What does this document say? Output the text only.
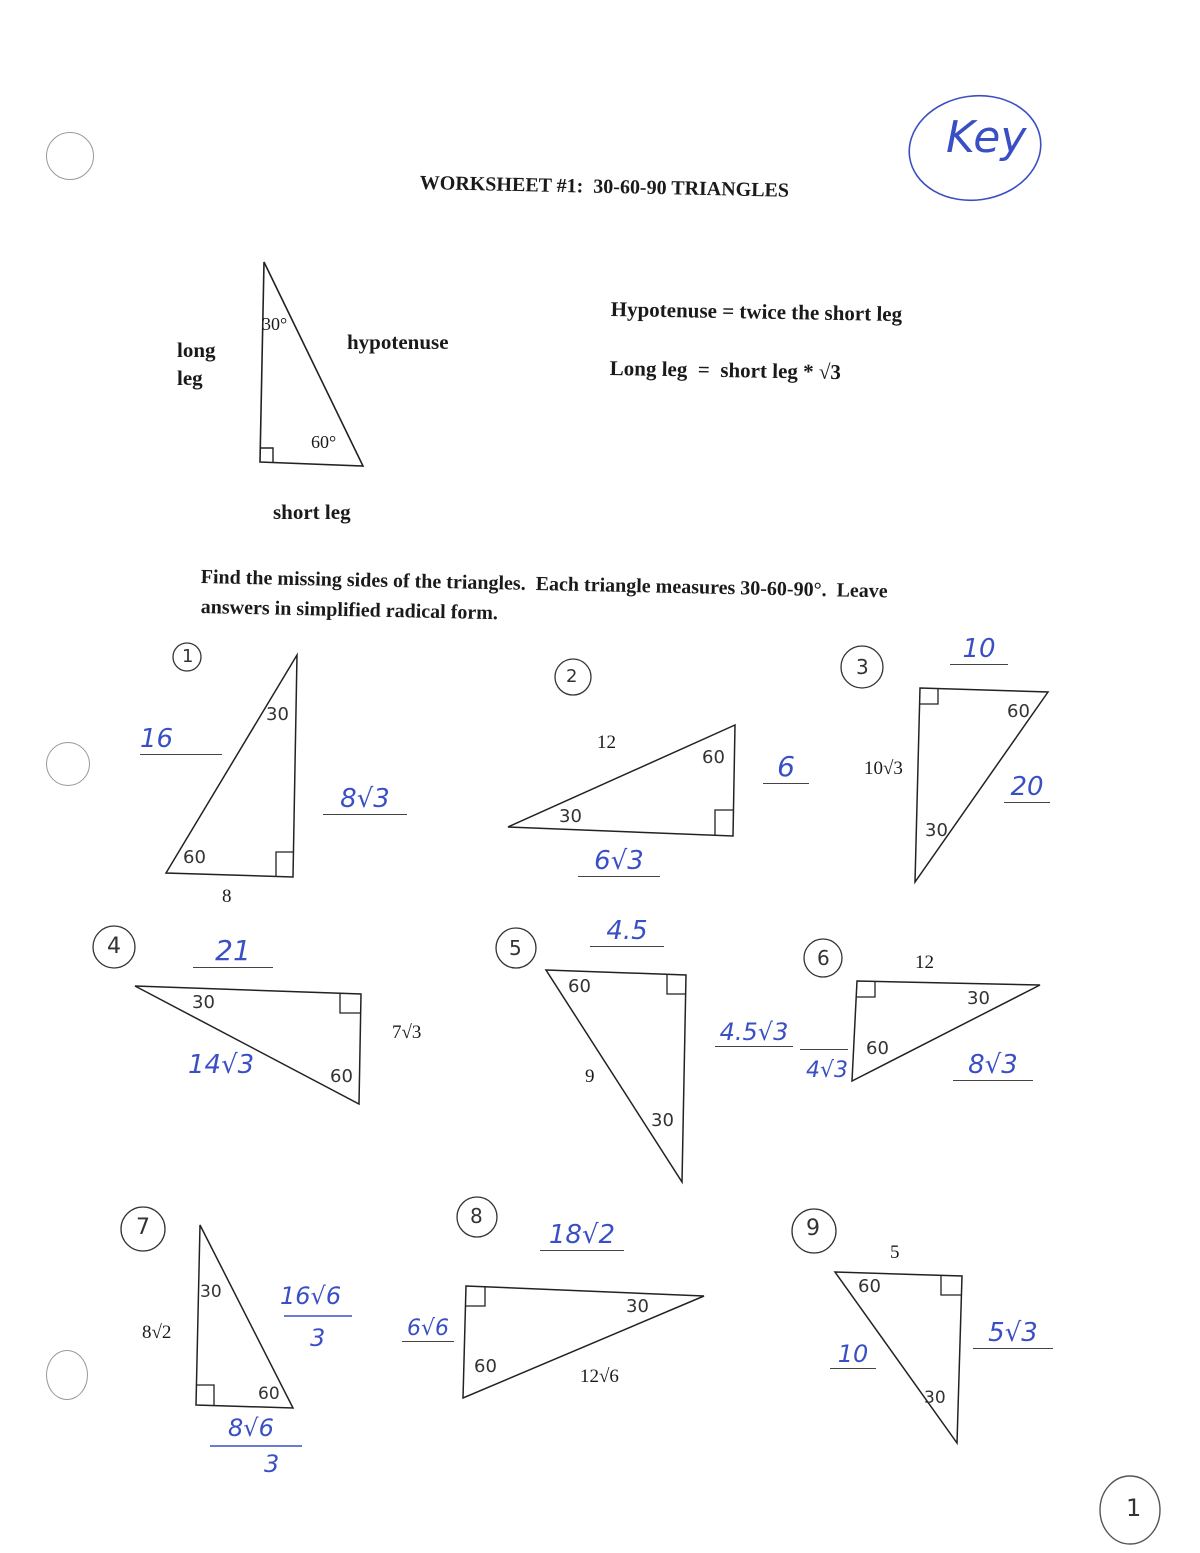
WORKSHEET #1:  30-60-90 TRIANGLES
Key
1
30°
60°
long
leg
hypotenuse
short leg
Hypotenuse = twice the short leg
Long leg  =  short leg * √3
Find the missing sides of the triangles.  Each triangle measures 30-60-90°.  Leave
answers in simplified radical form.
1
2	3
4	5	6
7	8	9
30
60
8
16
8√3
60
30
12
6
6√3
60
30
10√3
10
20
30
60
7√3
21
14√3
60
30
9
4.5
4.5√3
30
60
12
4√3	8√3
30
60
8√2
16√6
3
8√6
3
30
60	12√6
18√2
6√6
60
30
5
10
5√3
